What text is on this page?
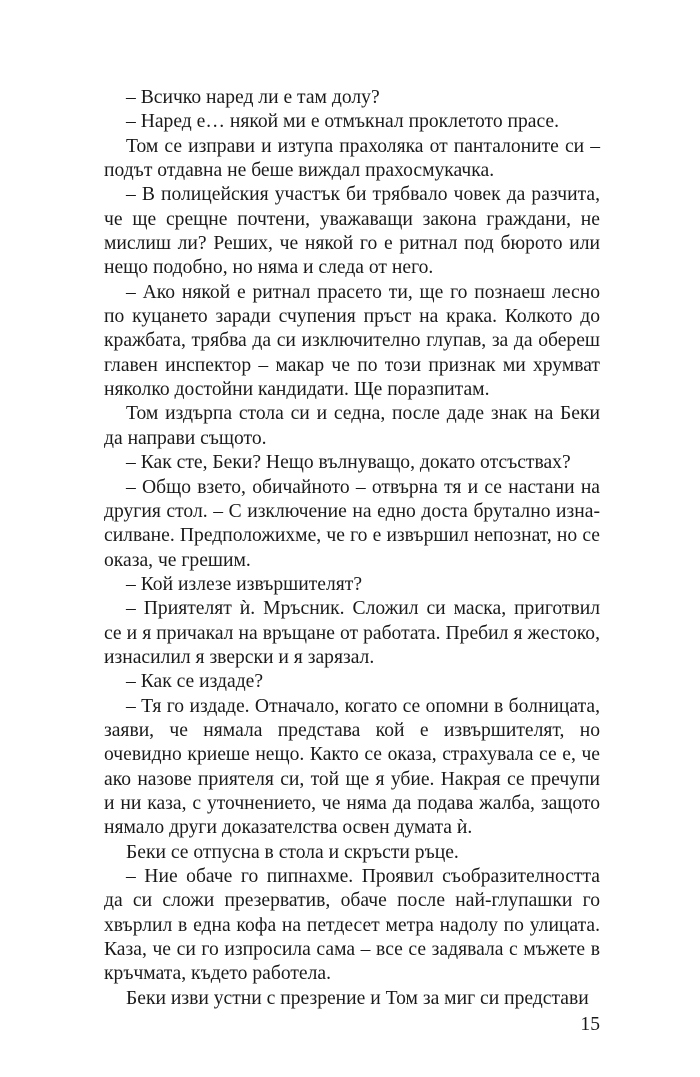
– Всичко наред ли е там долу?

– Наред е… някой ми е отмъкнал проклетото прасе.

Том се изправи и изтупа прахоляка от панталоните си – подът отдавна не беше виждал прахосмукачка.

– В полицейския участък би трябвало човек да разчита, че ще срещне почтени, уважаващи закона граждани, не мислиш ли? Реших, че някой го е ритнал под бюрото или нещо подобно, но няма и следа от него.

– Ако някой е ритнал прасето ти, ще го познаеш лесно по куцането заради счупения пръст на крака. Колкото до кражбата, трябва да си изключително глупав, за да обереш главен инспектор – макар че по този признак ми хрумват няколко достойни кандидати. Ще поразпитам.

Том издърпа стола си и седна, после даде знак на Беки да направи същото.

– Как сте, Беки? Нещо вълнуващо, докато отсъствах?

– Общо взето, обичайното – отвърна тя и се настани на другия стол. – С изключение на едно доста брутално изнасилване. Предположихме, че го е извършил непознат, но се оказа, че грешим.

– Кой излезе извършителят?

– Приятелят ѝ. Мръсник. Сложил си маска, приготвил се и я причакал на връщане от работата. Пребил я жестоко, изнасилил я зверски и я зарязал.

– Как се издаде?

– Тя го издаде. Отначало, когато се опомни в болницата, заяви, че нямала представа кой е извършителят, но очевидно криеше нещо. Както се оказа, страхувала се е, че ако назове приятеля си, той ще я убие. Накрая се пречупи и ни каза, с уточнението, че няма да подава жалба, защото нямало други доказателства освен думата ѝ.

Беки се отпусна в стола и скръсти ръце.

– Ние обаче го пипнахме. Проявил съобразителността да си сложи презерватив, обаче после най-глупашки го хвърлил в една кофа на петдесет метра надолу по улицата. Каза, че си го изпросила сама – все се задявала с мъжете в кръчмата, където работела.

Беки изви устни с презрение и Том за миг си представи

15
